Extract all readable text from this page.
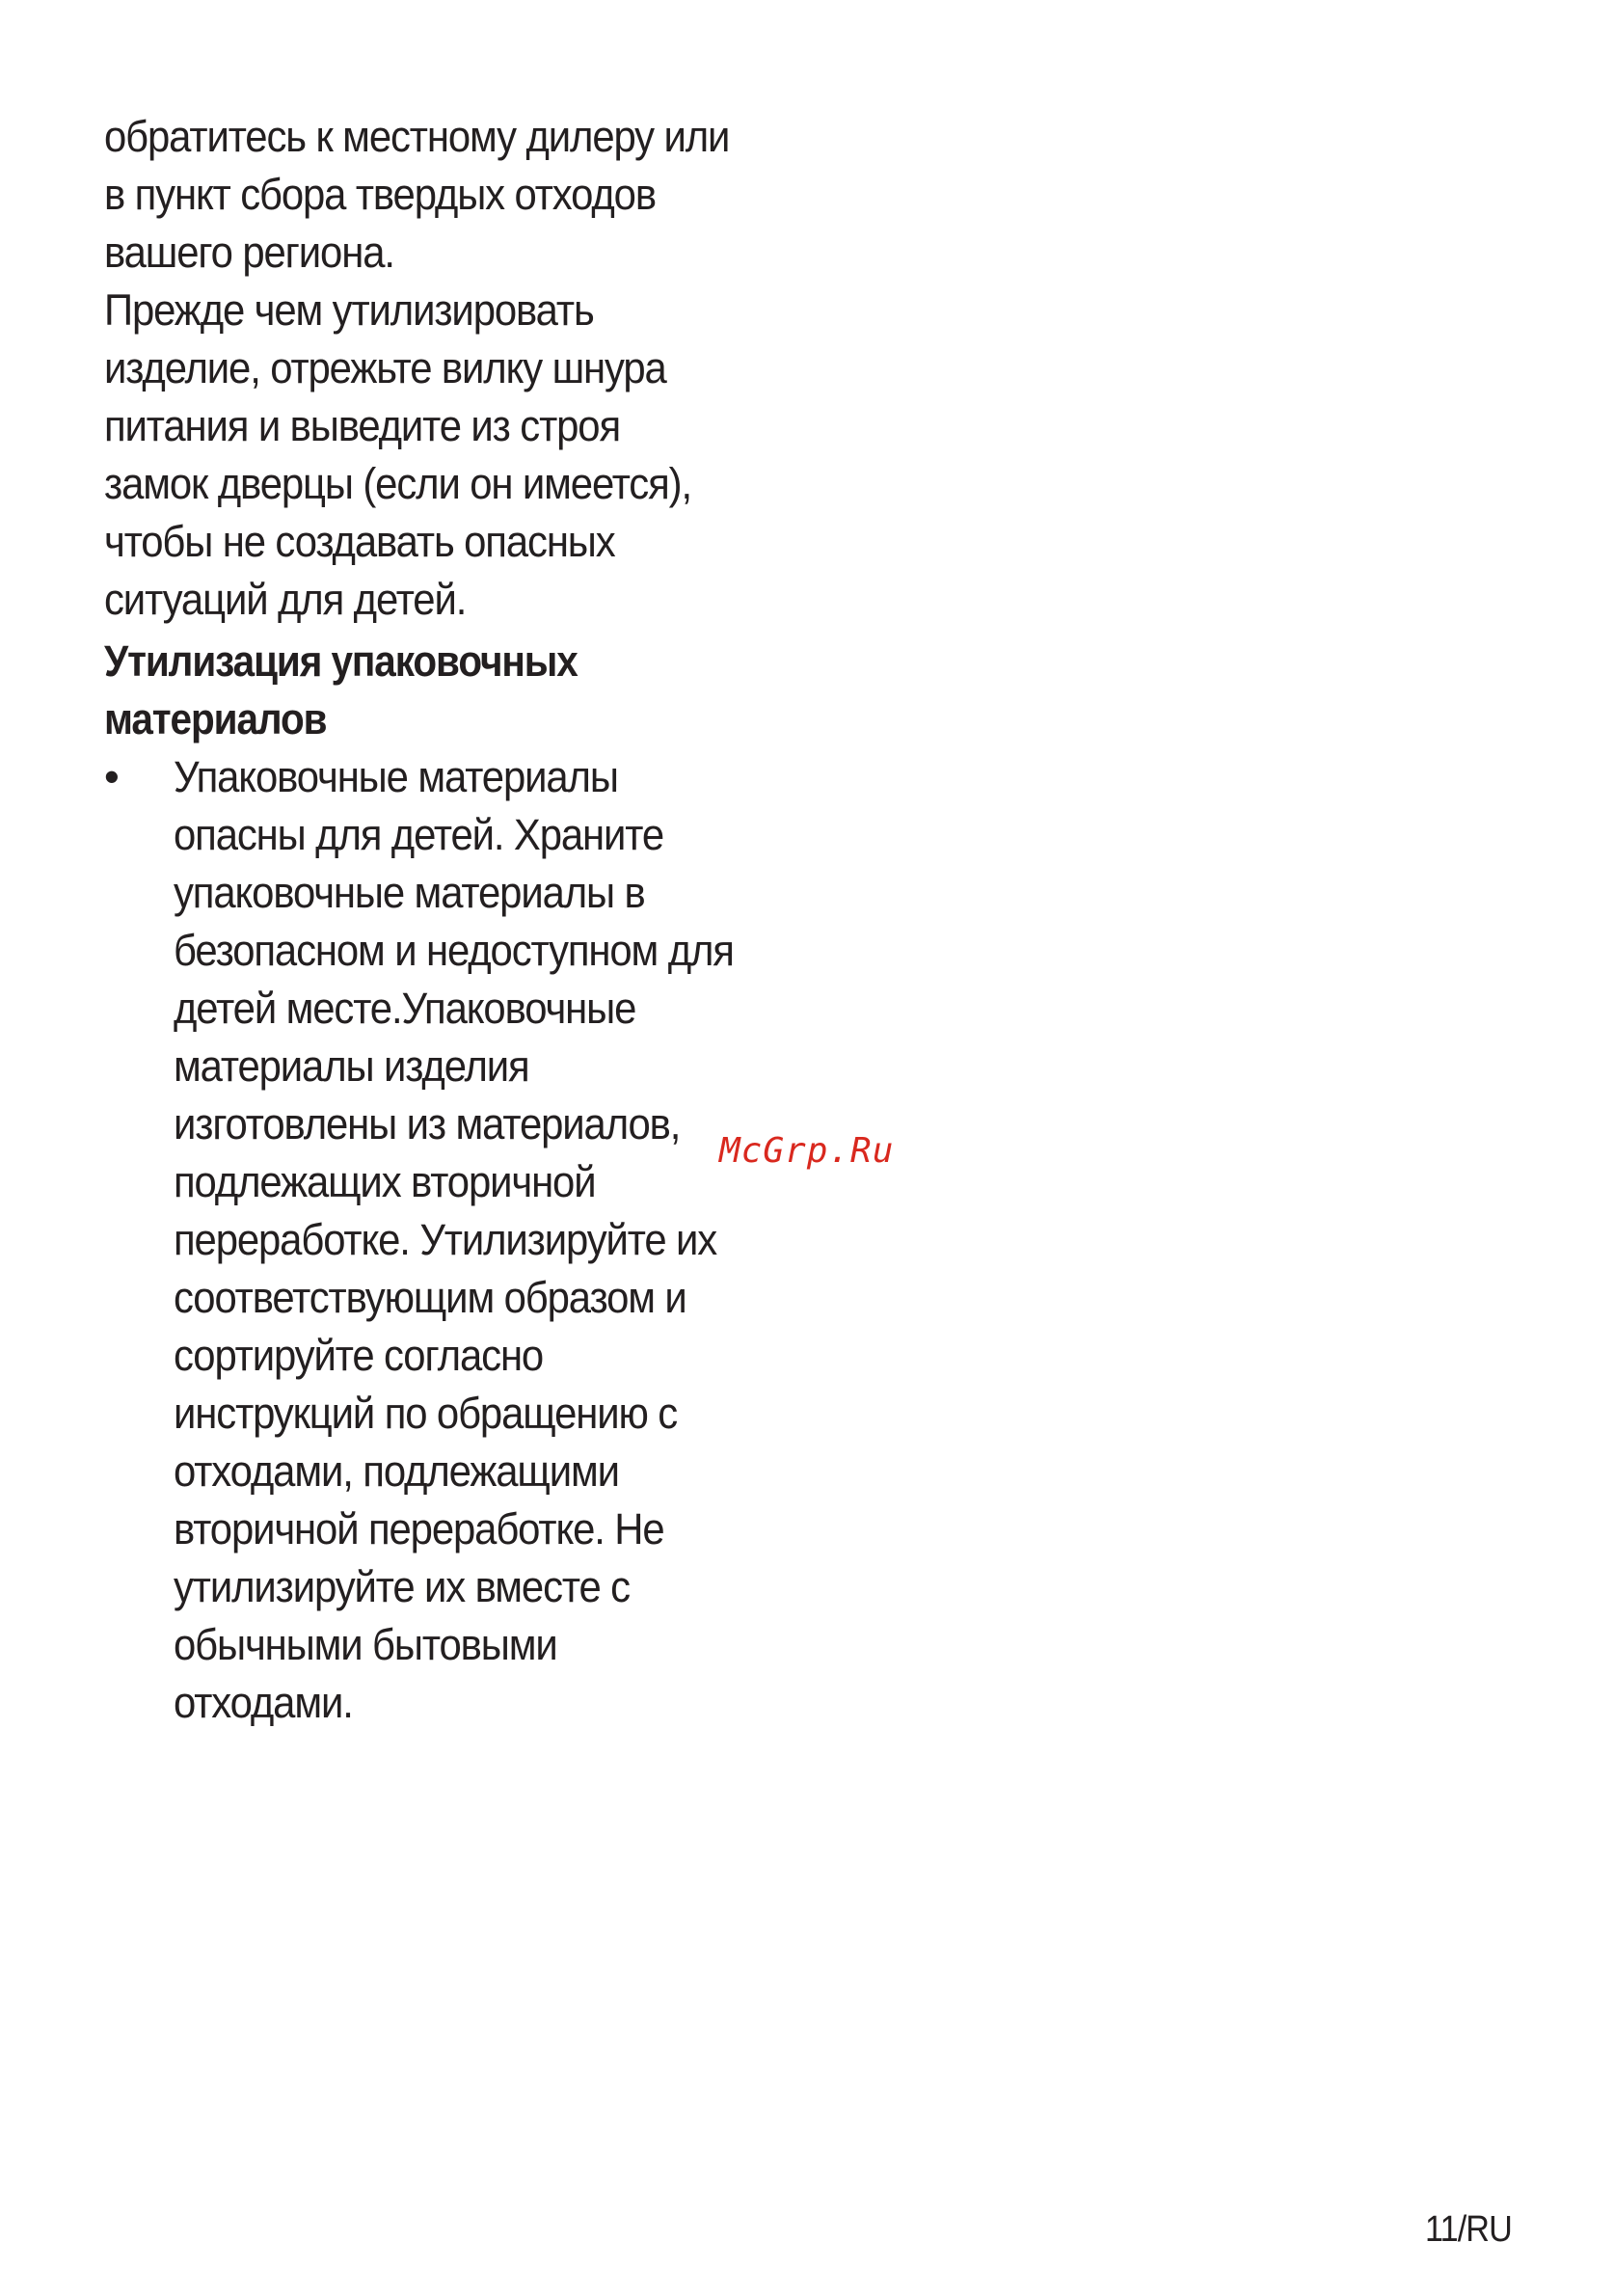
обратитесь к местному дилеру или
в пункт сбора твердых отходов
вашего региона.

Прежде чем утилизировать
изделие, отрежьте вилку шнура
питания и выведите из строя
замок дверцы (если он имеется),
чтобы не создавать опасных
ситуаций для детей.

Утилизация упаковочных
материалов
•	Упаковочные материалы
опасны для детей. Храните
упаковочные материалы в
безопасном и недоступном для
детей месте.Упаковочные
материалы изделия
изготовлены из материалов,
подлежащих вторичной
переработке. Утилизируйте их
соответствующим образом и
сортируйте согласно
инструкций по обращению с
отходами, подлежащими
вторичной переработке. Не
утилизируйте их вместе с
обычными бытовыми
отходами.

McGrp.Ru
11/RU
